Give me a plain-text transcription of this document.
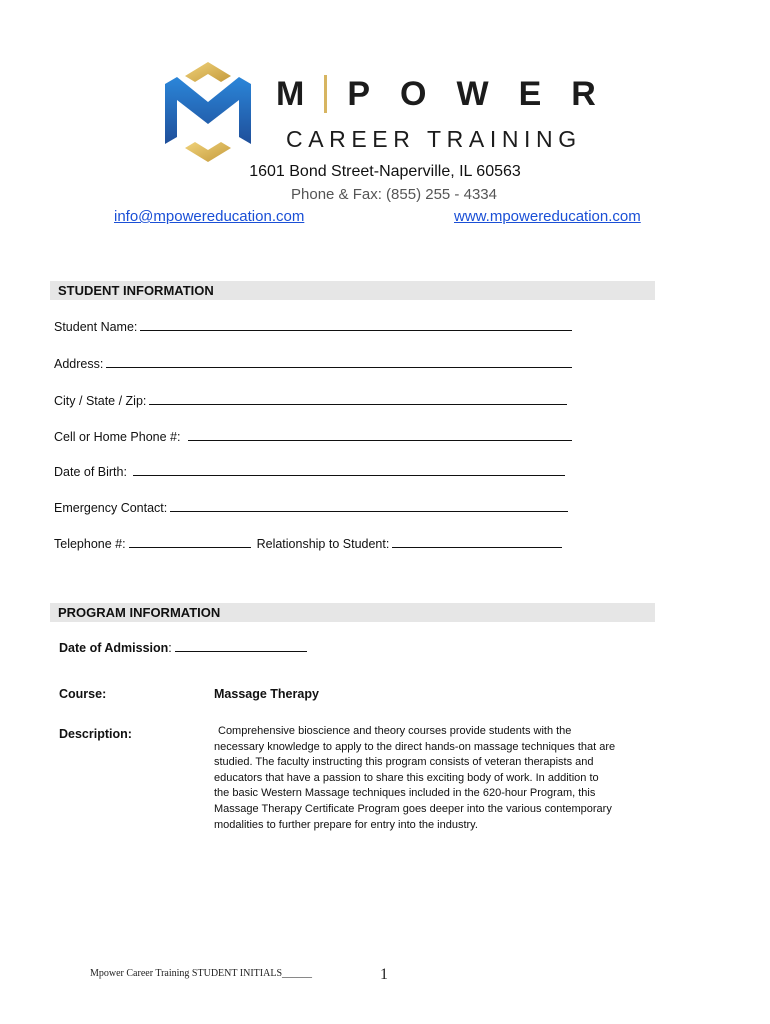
M P O W E R
CAREER TRAINING
1601 Bond Street-Naperville, IL 60563
Phone & Fax: (855) 255 - 4334
info@mpowereducation.com	www.mpowereducation.com
STUDENT INFORMATION
Student Name:
Address:
City / State / Zip:
Cell or Home Phone #:
Date of Birth:
Emergency Contact:
Telephone #:	Relationship to Student:
PROGRAM INFORMATION
Date of Admission:
Course:	Massage Therapy
Description:	Comprehensive bioscience and theory courses provide students with the

necessary knowledge to apply to the direct hands-on massage techniques that are

studied. The faculty instructing this program consists of veteran therapists and

educators that have a passion to share this exciting body of work. In addition to

the basic Western Massage techniques included in the 620-hour Program, this

Massage Therapy Certificate Program goes deeper into the various contemporary

modalities to further prepare for entry into the industry.

Mpower Career Training STUDENT INITIALS______	1
